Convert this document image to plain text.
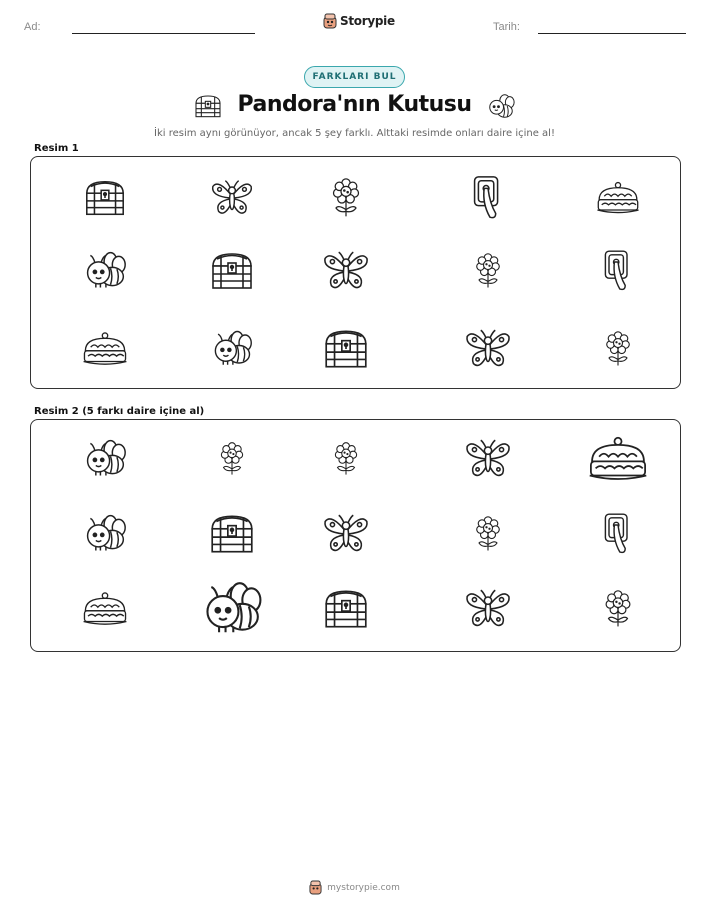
Ad:	Storypie	Tarih:
FARKLARI BUL
Pandora'nın Kutusu
İki resim aynı görünüyor, ancak 5 şey farklı. Alttaki resimde onları daire içine al!
Resim 1
Resim 2 (5 farkı daire içine al)
mystorypie.com
